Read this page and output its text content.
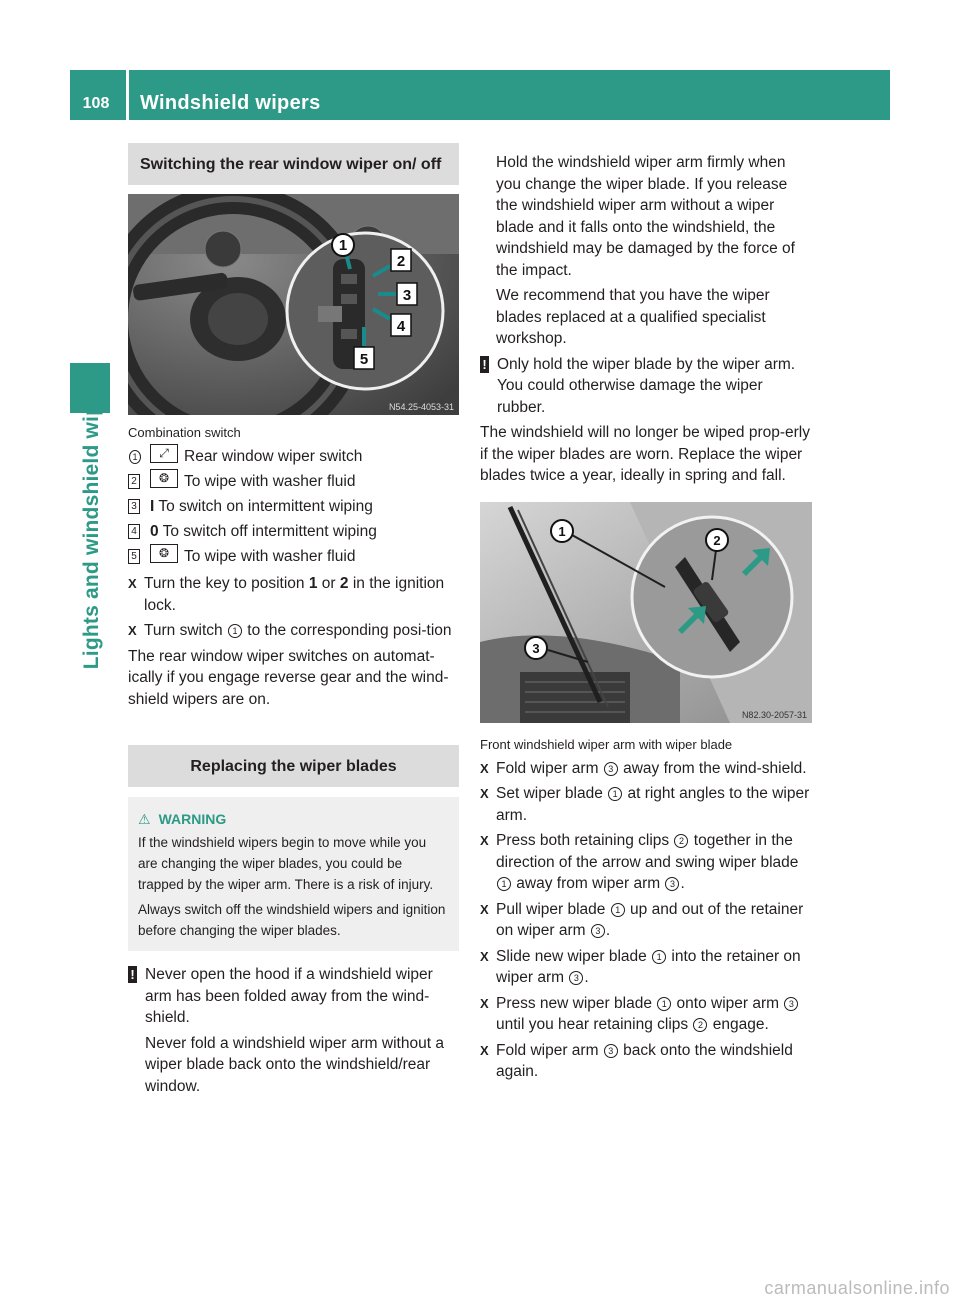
108	Windshield wipers
Lights and windshield wipers
Switching the rear window wiper on/ off
1
2
3
4
5
N54.25-4053-31

Combination switch

1	⤢ Rear window wiper switch
2	❂ To wipe with washer fluid
3 I To switch on intermittent wiping
4 0 To switch off intermittent wiping
5	❂ To wipe with washer fluid
X Turn the key to position 1 or 2 in the ignition lock.
X Turn switch 1 to the corresponding posi-tion

The rear window wiper switches on automat-ically if you engage reverse gear and the wind-shield wipers are on.

Replacing the wiper blades
⚠ WARNING
If the windshield wipers begin to move while you are changing the wiper blades, you could be trapped by the wiper arm. There is a risk of injury.
Always switch off the windshield wipers and ignition before changing the wiper blades.
! Never open the hood if a windshield wiper arm has been folded away from the wind-shield.
Never fold a windshield wiper arm without a wiper blade back onto the windshield/rear window.

Hold the windshield wiper arm firmly when you change the wiper blade. If you release the windshield wiper arm without a wiper blade and it falls onto the windshield, the windshield may be damaged by the force of the impact.

We recommend that you have the wiper blades replaced at a qualified specialist workshop.

! Only hold the wiper blade by the wiper arm. You could otherwise damage the wiper rubber.

The windshield will no longer be wiped prop-erly if the wiper blades are worn. Replace the wiper blades twice a year, ideally in spring and fall.

1
2
3
N82.30-2057-31

Front windshield wiper arm with wiper blade

X Fold wiper arm 3 away from the wind-shield.
X Set wiper blade 1 at right angles to the wiper arm.
X Press both retaining clips 2 together in the direction of the arrow and swing wiper blade 1 away from wiper arm 3 .
X Pull wiper blade 1 up and out of the retainer on wiper arm 3 .
X Slide new wiper blade 1 into the retainer on wiper arm 3 .
X Press new wiper blade 1 onto wiper arm 3 until you hear retaining clips 2 engage.
X Fold wiper arm 3 back onto the windshield again.
carmanualsonline.info
